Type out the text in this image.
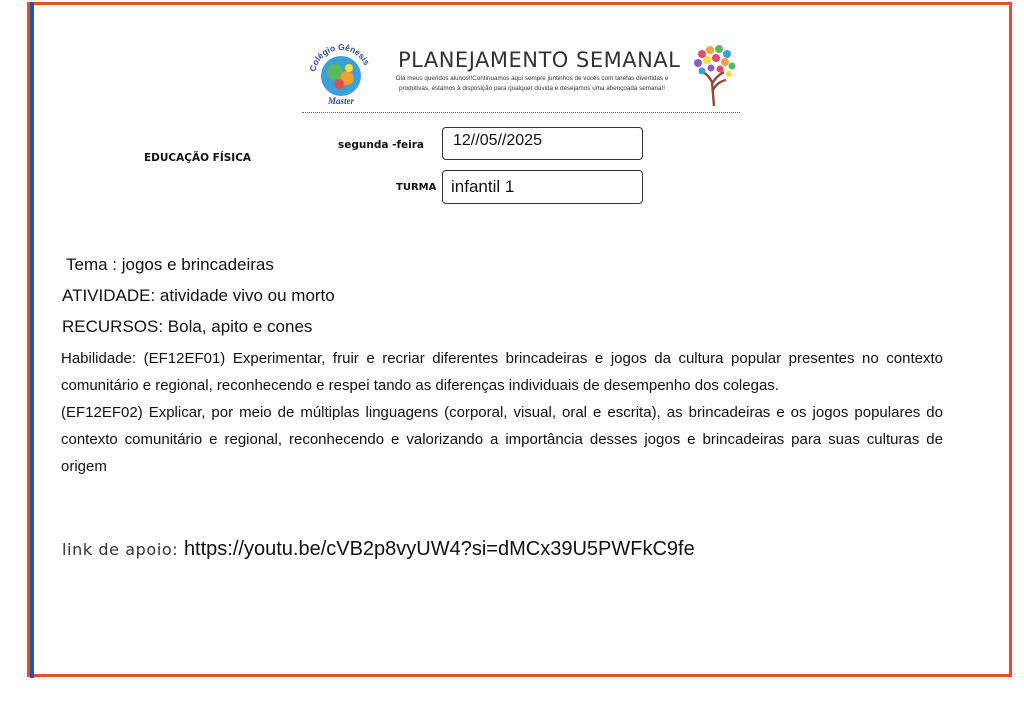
Colégio Gênesis
Master
PLANEJAMENTO SEMANAL
Olá meus queridos alunos!!Continuamos aqui sempre juntinhos de vocês com tarefas divertidas e produtivas, estamos à disposição para qualquer dúvida e desejamos uma abençoada semana!!
EDUCAÇÃO FÍSICA
segunda -feira	12//05//2025
TURMA infantil 1
Tema : jogos e brincadeiras
ATIVIDADE: atividade vivo ou morto
RECURSOS: Bola, apito e cones

Habilidade: (EF12EF01) Experimentar, fruir e recriar diferentes brincadeiras e jogos da cultura popular presentes no contexto comunitário e regional, reconhecendo e respei tando as diferenças individuais de desempenho dos colegas.

(EF12EF02) Explicar, por meio de múltiplas linguagens (corporal, visual, oral e escrita), as brincadeiras e os jogos populares do contexto comunitário e regional, reconhecendo e valorizando a importância desses jogos e brincadeiras para suas culturas de origem

link de apoio: https://youtu.be/cVB2p8vyUW4?si=dMCx39U5PWFkC9fe
